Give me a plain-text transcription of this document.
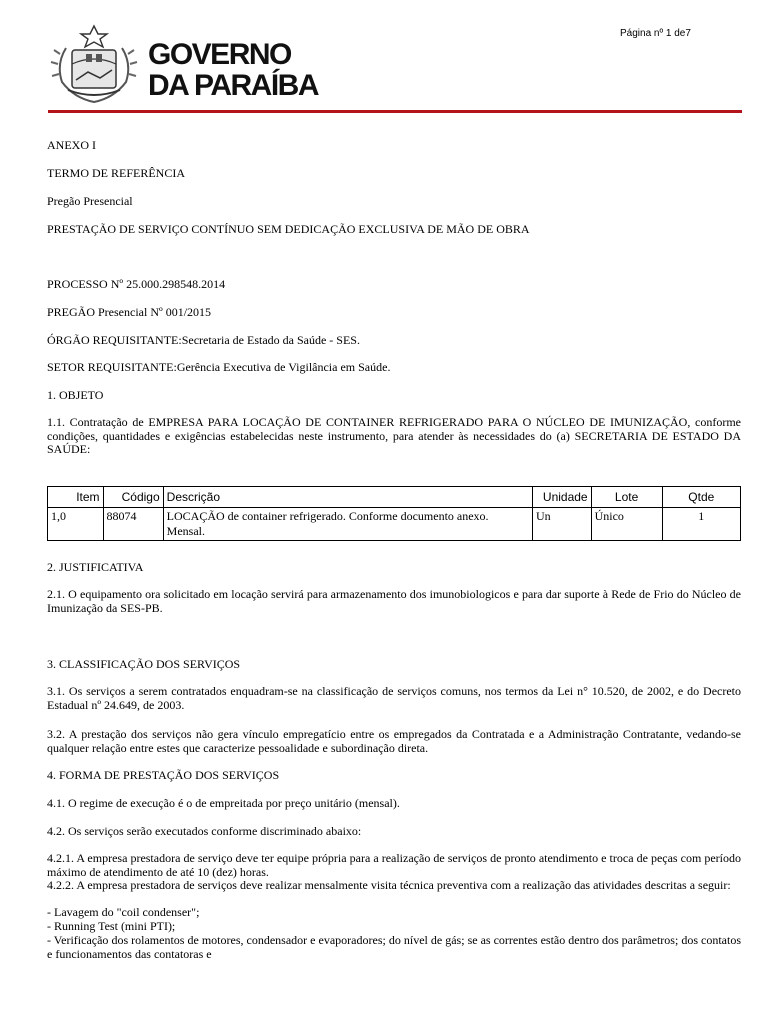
Página nº 1 de7
GOVERNO
DA PARAÍBA
ANEXO I
TERMO DE REFERÊNCIA
Pregão Presencial
PRESTAÇÃO DE SERVIÇO CONTÍNUO SEM DEDICAÇÃO EXCLUSIVA DE MÃO DE OBRA
PROCESSO Nº 25.000.298548.2014
PREGÃO Presencial Nº 001/2015
ÓRGÃO REQUISITANTE:Secretaria de Estado da Saúde - SES.
SETOR REQUISITANTE:Gerência Executiva de Vigilância em Saúde.
1. OBJETO
1.1. Contratação de EMPRESA PARA LOCAÇÃO DE CONTAINER REFRIGERADO PARA O NÚCLEO DE IMUNIZAÇÃO, conforme condições, quantidades e exigências estabelecidas neste instrumento, para atender às necessidades do (a) SECRETARIA DE ESTADO DA SAÚDE:
Item	Código	Descrição	Unidade	Lote	Qtde
1,0	88074	LOCAÇÃO de container refrigerado. Conforme documento anexo. Mensal.	Un	Único	1
2. JUSTIFICATIVA
2.1. O equipamento ora solicitado em locação servirá para armazenamento dos imunobiologicos e para dar suporte à Rede de Frio do Núcleo de Imunização da SES-PB.
3. CLASSIFICAÇÃO DOS SERVIÇOS
3.1. Os serviços a serem contratados enquadram-se na classificação de serviços comuns, nos termos da Lei n° 10.520, de 2002, e do Decreto Estadual nº 24.649, de 2003.
3.2. A prestação dos serviços não gera vínculo empregatício entre os empregados da Contratada e a Administração Contratante, vedando-se qualquer relação entre estes que caracterize pessoalidade e subordinação direta.
4. FORMA DE PRESTAÇÃO DOS SERVIÇOS
4.1. O regime de execução é o de empreitada por preço unitário (mensal).
4.2. Os serviços serão executados conforme discriminado abaixo:
4.2.1. A empresa prestadora de serviço deve ter equipe própria para a realização de serviços de pronto atendimento e troca de peças com período máximo de atendimento de até 10 (dez) horas.
4.2.2. A empresa prestadora de serviços deve realizar mensalmente visita técnica preventiva com a realização das atividades descritas a seguir:
- Lavagem do "coil condenser";
- Running Test (mini PTI);
- Verificação dos rolamentos de motores, condensador e evaporadores; do nível de gás; se as correntes estão dentro dos parâmetros; dos contatos e funcionamentos das contatoras e
